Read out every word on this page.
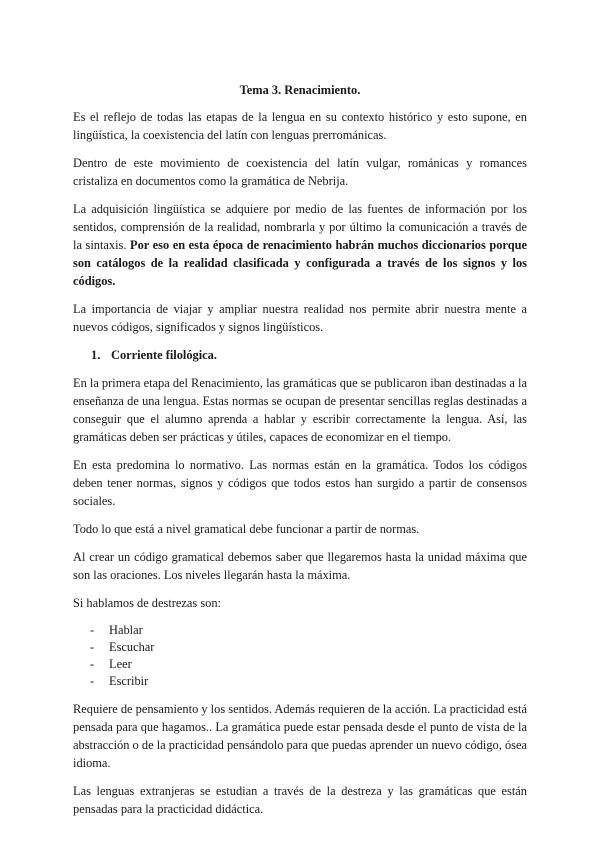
Tema 3. Renacimiento.

Es el reflejo de todas las etapas de la lengua en su contexto histórico y esto supone, en lingüística, la coexistencia del latín con lenguas prerrománicas.

Dentro de este movimiento de coexistencia del latín vulgar, románicas y romances cristaliza en documentos como la gramática de Nebrija.

La adquisición lingüística se adquiere por medio de las fuentes de información por los sentidos, comprensión de la realidad, nombrarla y por último la comunicación a través de la sintaxis. Por eso en esta época de renacimiento habrán muchos diccionarios porque son catálogos de la realidad clasificada y configurada a través de los signos y los códigos.

La importancia de viajar y ampliar nuestra realidad nos permite abrir nuestra mente a nuevos códigos, significados y signos lingüísticos.

1. Corriente filológica.

En la primera etapa del Renacimiento, las gramáticas que se publicaron iban destinadas a la enseñanza de una lengua. Estas normas se ocupan de presentar sencillas reglas destinadas a conseguir que el alumno aprenda a hablar y escribir correctamente la lengua. Así, las gramáticas deben ser prácticas y útiles, capaces de economizar en el tiempo.

En esta predomina lo normativo. Las normas están en la gramática. Todos los códigos deben tener normas, signos y códigos que todos estos han surgido a partir de consensos sociales.

Todo lo que está a nivel gramatical debe funcionar a partir de normas.

Al crear un código gramatical debemos saber que llegaremos hasta la unidad máxima que son las oraciones. Los niveles llegarán hasta la máxima.

Si hablamos de destrezas son:

- Hablar
- Escuchar
- Leer
- Escribir

Requiere de pensamiento y los sentidos. Además requieren de la acción. La practicidad está pensada para que hagamos.. La gramática puede estar pensada desde el punto de vista de la abstracción o de la practicidad pensándolo para que puedas aprender un nuevo código, ósea idioma.

Las lenguas extranjeras se estudian a través de la destreza y las gramáticas que están pensadas para la practicidad didáctica.
